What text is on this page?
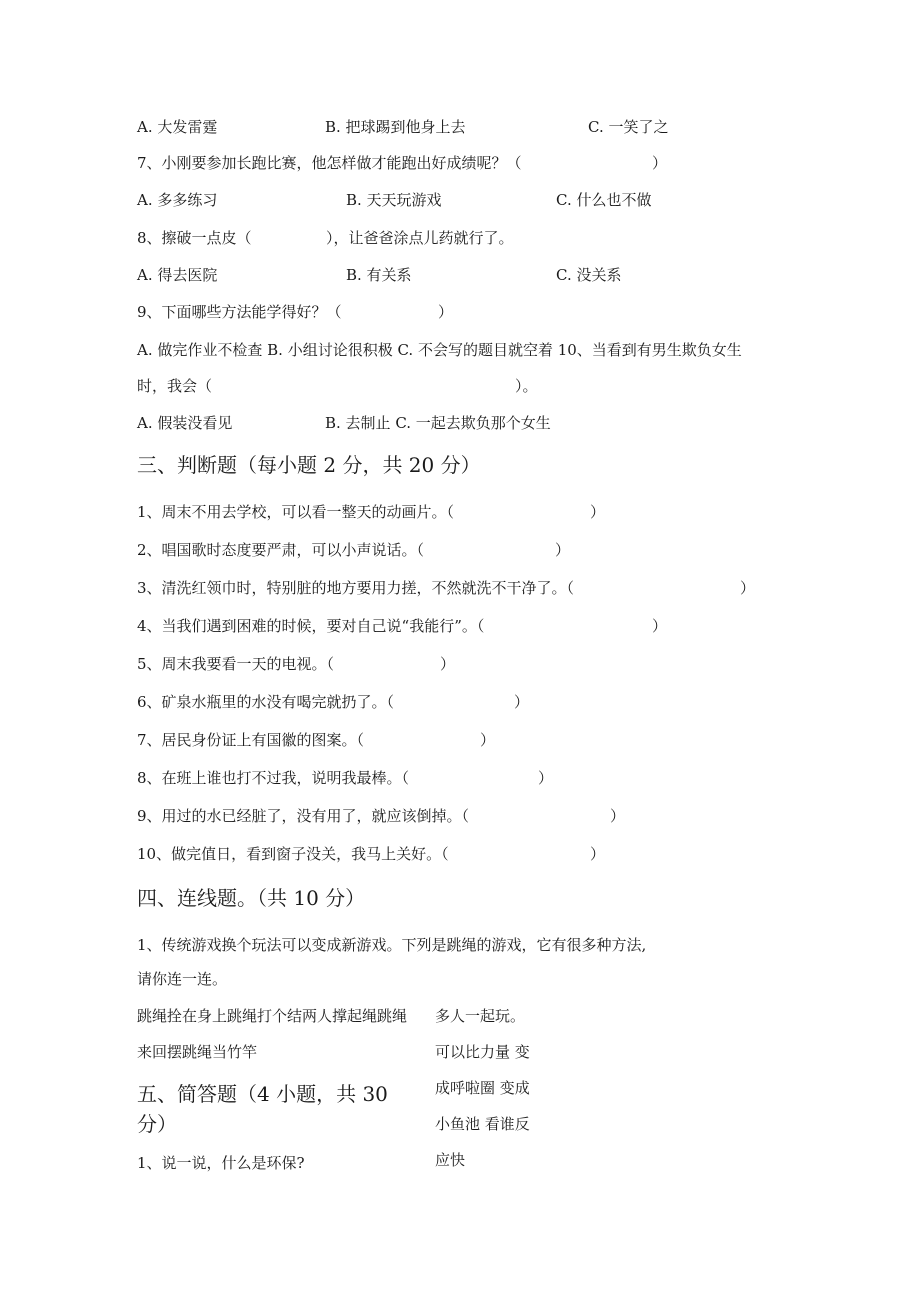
A. 大发雷霆	B. 把球踢到他身上去	C. 一笑了之
7、小刚要参加长跑比赛，他怎样做才能跑出好成绩呢？（	）
A. 多多练习	B. 天天玩游戏	C. 什么也不做
8、擦破一点皮（	），让爸爸涂点儿药就行了。
A. 得去医院	B. 有关系	C. 没关系
9、下面哪些方法能学得好？（	）
A. 做完作业不检查 B. 小组讨论很积极 C. 不会写的题目就空着 10、当看到有男生欺负女生
时，我会（	）。
A. 假装没看见	B. 去制止 C. 一起去欺负那个女生
三、判断题（每小题 2 分，共 20 分）
1、周末不用去学校，可以看一整天的动画片。（	）
2、唱国歌时态度要严肃，可以小声说话。（	）
3、清洗红领巾时，特别脏的地方要用力搓，不然就洗不干净了。（	）
4、当我们遇到困难的时候，要对自己说“我能行”。（	）
5、周末我要看一天的电视。（	）
6、矿泉水瓶里的水没有喝完就扔了。（	）
7、居民身份证上有国徽的图案。（	）
8、在班上谁也打不过我，说明我最棒。（	）
9、用过的水已经脏了，没有用了，就应该倒掉。（	）
10、做完值日，看到窗子没关，我马上关好。（	）
四、连线题。（共 10 分）
1、传统游戏换个玩法可以变成新游戏。下列是跳绳的游戏，它有很多种方法,
请你连一连。
跳绳拴在身上跳绳打个结两人撑起绳跳绳
来回摆跳绳当竹竿
多人一起玩。
可以比力量 变
成呼啦圈 变成
小鱼池 看谁反
应快
五、简答题（4 小题，共 30
分）
1、说一说，什么是环保?
